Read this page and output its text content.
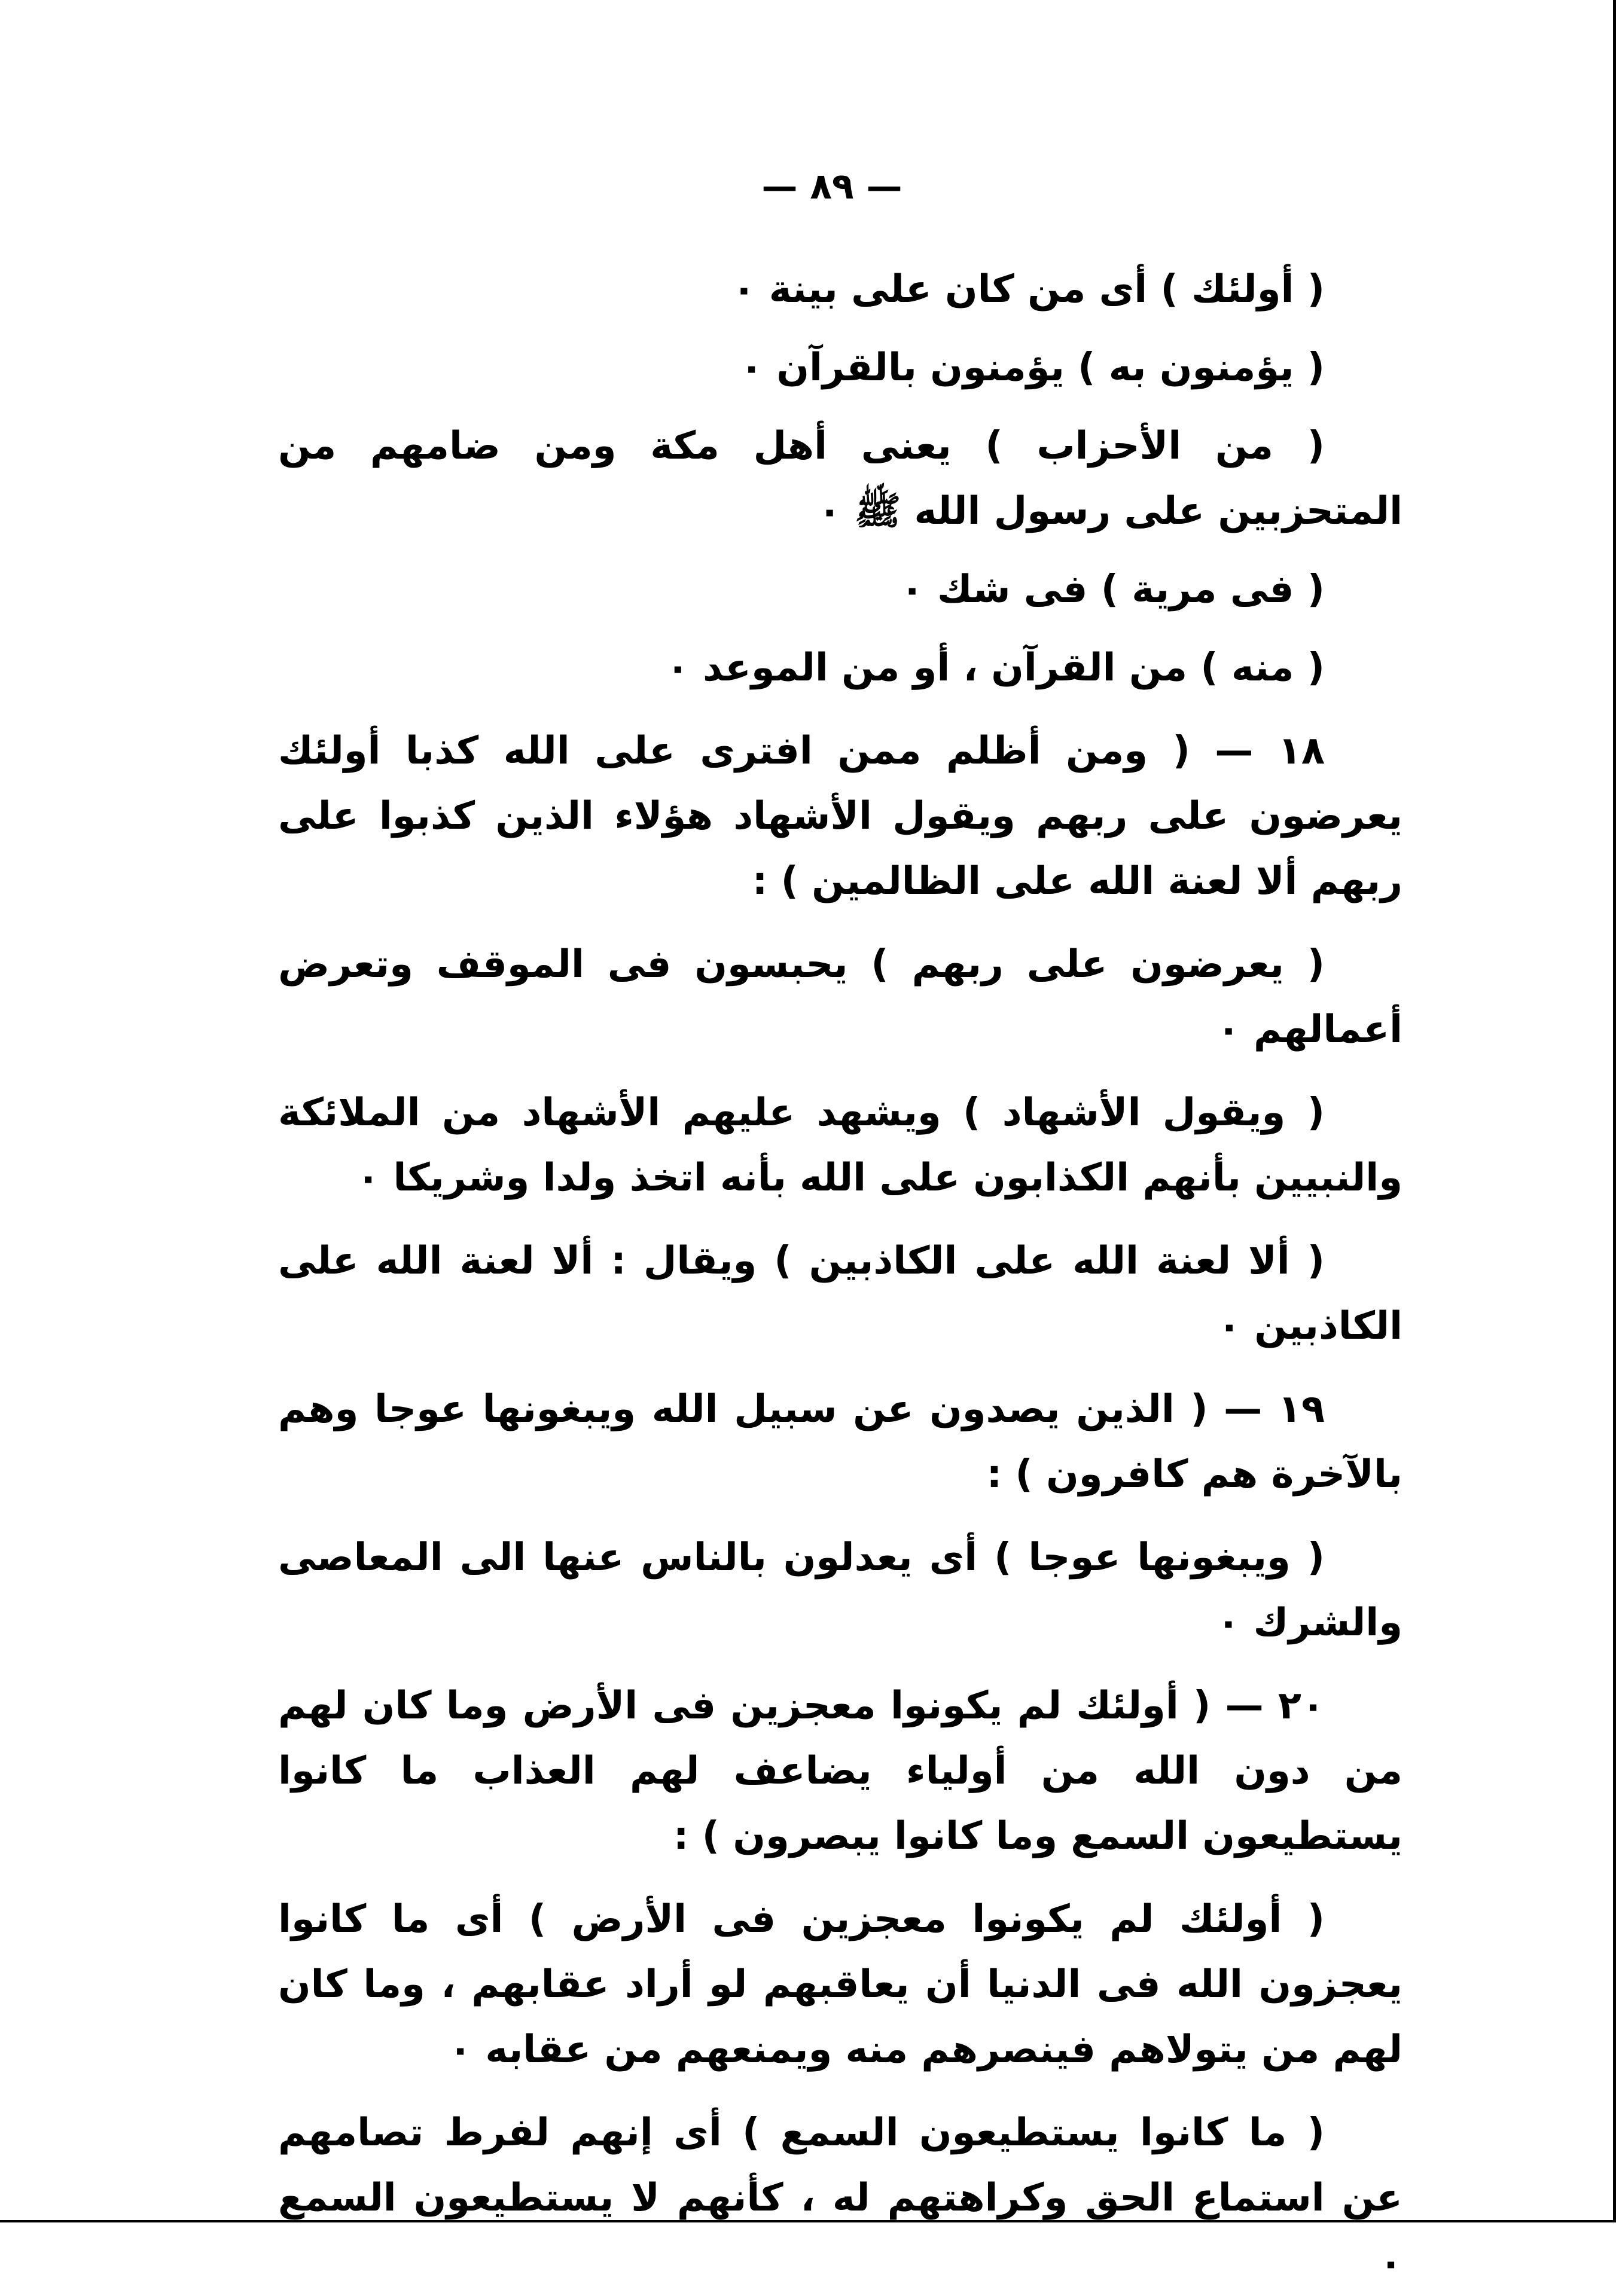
— ٨٩ —

( أولئك ) أى من كان على بينة ٠

( يؤمنون به ) يؤمنون بالقرآن ٠

( من الأحزاب ) يعنى أهل مكة ومن ضامهم من المتحزبين على رسول الله ﷺ ٠

( فى مرية ) فى شك ٠

( منه ) من القرآن ، أو من الموعد ٠

١٨ — ( ومن أظلم ممن افترى على الله كذبا أولئك يعرضون على ربهم ويقول الأشهاد هؤلاء الذين كذبوا على ربهم ألا لعنة الله على الظالمين ) :

( يعرضون على ربهم ) يحبسون فى الموقف وتعرض أعمالهم ٠

( ويقول الأشهاد ) ويشهد عليهم الأشهاد من الملائكة والنبيين بأنهم الكذابون على الله بأنه اتخذ ولدا وشريكا ٠

( ألا لعنة الله على الكاذبين ) ويقال : ألا لعنة الله على الكاذبين ٠

١٩ — ( الذين يصدون عن سبيل الله ويبغونها عوجا وهم بالآخرة هم كافرون ) :

( ويبغونها عوجا ) أى يعدلون بالناس عنها الى المعاصى والشرك ٠

٢٠ — ( أولئك لم يكونوا معجزين فى الأرض وما كان لهم من دون الله من أولياء يضاعف لهم العذاب ما كانوا يستطيعون السمع وما كانوا يبصرون ) :

( أولئك لم يكونوا معجزين فى الأرض ) أى ما كانوا يعجزون الله فى الدنيا أن يعاقبهم لو أراد عقابهم ، وما كان لهم من يتولاهم فينصرهم منه ويمنعهم من عقابه ٠

( ما كانوا يستطيعون السمع ) أى إنهم لفرط تصامهم عن استماع الحق وكراهتهم له ، كأنهم لا يستطيعون السمع ٠
